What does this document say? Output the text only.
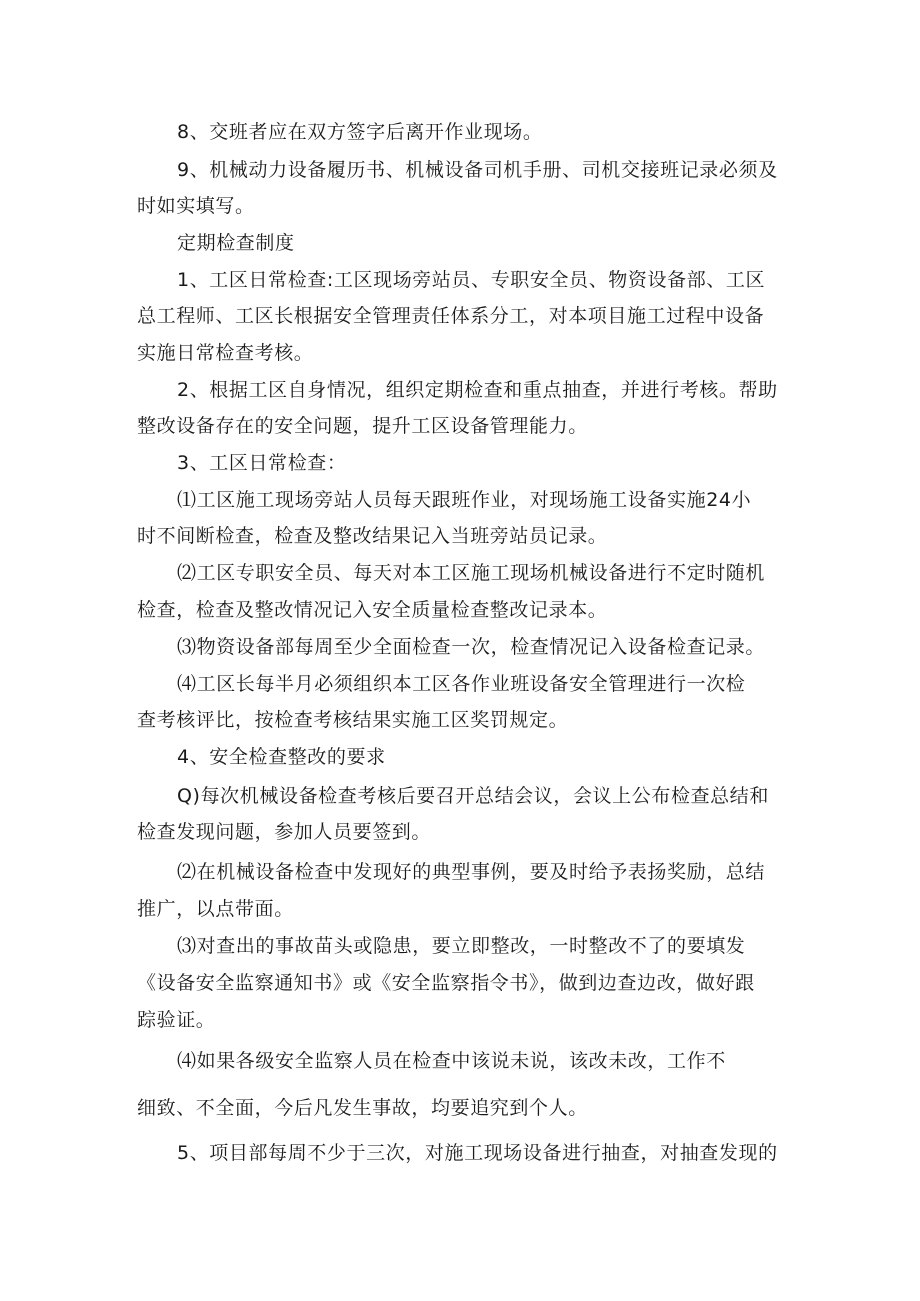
8、交班者应在双方签字后离开作业现场。
9、机械动力设备履历书、机械设备司机手册、司机交接班记录必须及
时如实填写。
定期检查制度
1、工区日常检查:工区现场旁站员、专职安全员、物资设备部、工区
总工程师、工区长根据安全管理责任体系分工，对本项目施工过程中设备
实施日常检查考核。
2、根据工区自身情况，组织定期检查和重点抽查，并进行考核。帮助
整改设备存在的安全问题，提升工区设备管理能力。
3、工区日常检查：
⑴工区施工现场旁站人员每天跟班作业，对现场施工设备实施24小
时不间断检查，检查及整改结果记入当班旁站员记录。
⑵工区专职安全员、每天对本工区施工现场机械设备进行不定时随机
检查，检查及整改情况记入安全质量检查整改记录本。
⑶物资设备部每周至少全面检查一次，检查情况记入设备检查记录。
⑷工区长每半月必须组织本工区各作业班设备安全管理进行一次检
查考核评比，按检查考核结果实施工区奖罚规定。
4、安全检查整改的要求
Q)每次机械设备检查考核后要召开总结会议，会议上公布检查总结和
检查发现问题，参加人员要签到。
⑵在机械设备检查中发现好的典型事例，要及时给予表扬奖励，总结
推广，以点带面。
⑶对查出的事故苗头或隐患，要立即整改，一时整改不了的要填发
《设备安全监察通知书》或《安全监察指令书》，做到边查边改，做好跟
踪验证。
⑷如果各级安全监察人员在检查中该说未说，该改未改，工作不
细致、不全面，今后凡发生事故，均要追究到个人。
5、项目部每周不少于三次，对施工现场设备进行抽查，对抽查发现的
